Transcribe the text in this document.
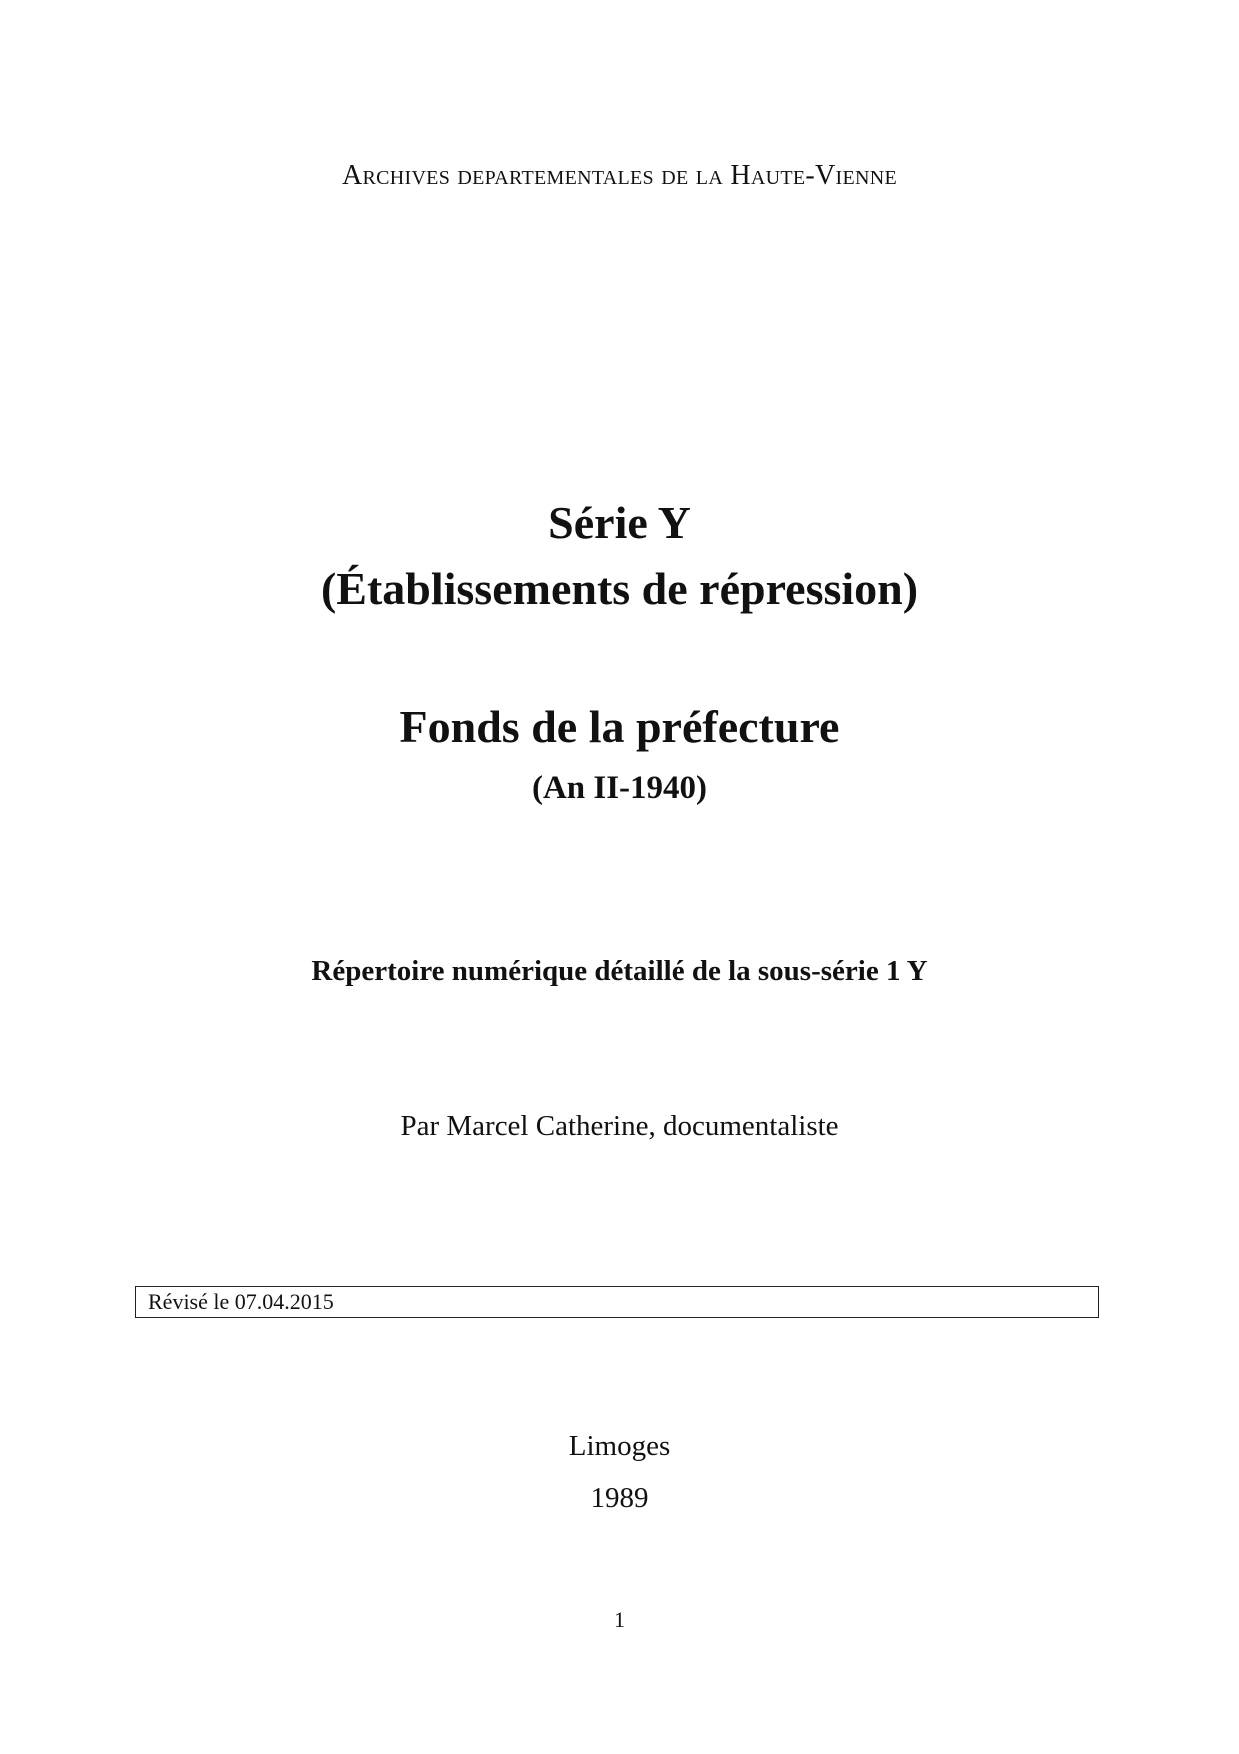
Archives departementales de la Haute-Vienne
Série Y
(Établissements de répression)
Fonds de la préfecture
(An II-1940)
Répertoire numérique détaillé de la sous-série 1 Y
Par Marcel Catherine, documentaliste
Révisé le 07.04.2015
Limoges
1989
1
